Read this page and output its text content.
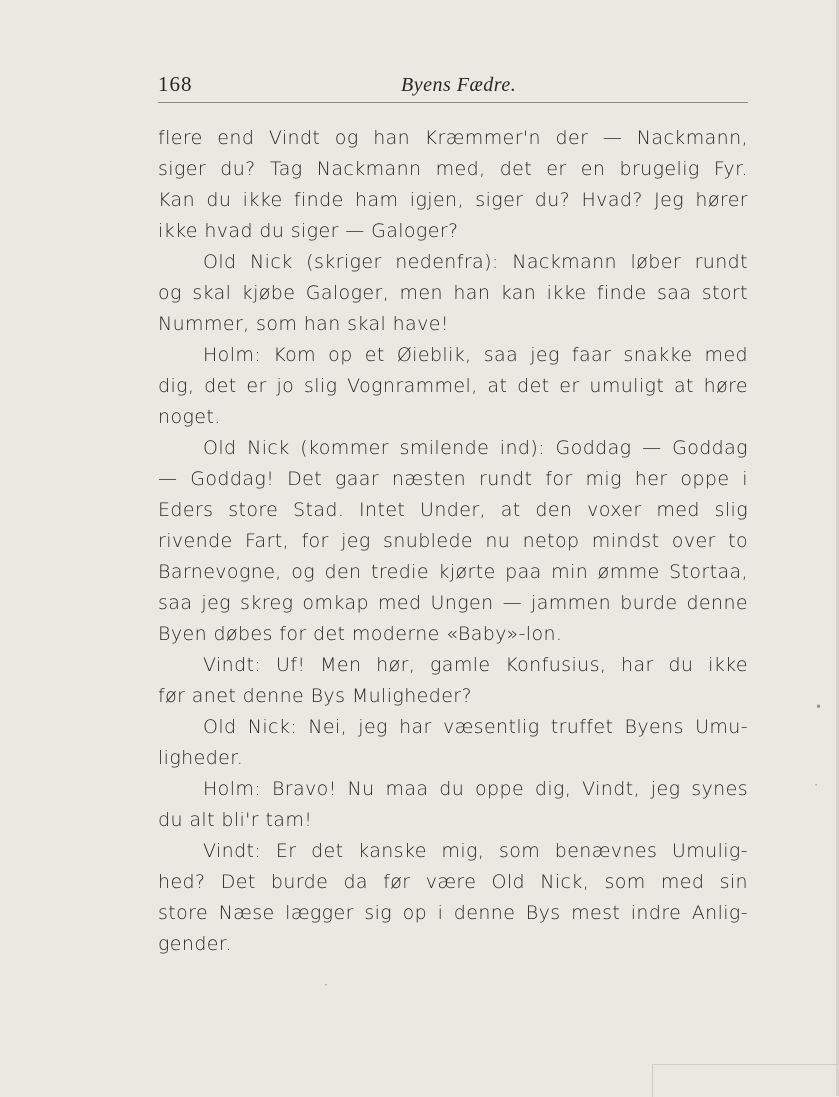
168	Byens Fædre.
flere end Vindt og han Kræmmer'n der — Nackmann,
siger du? Tag Nackmann med, det er en brugelig Fyr.
Kan du ikke finde ham igjen, siger du? Hvad? Jeg hører
ikke hvad du siger — Galoger?
Old Nick (skriger nedenfra): Nackmann løber rundt
og skal kjøbe Galoger, men han kan ikke finde saa stort
Nummer, som han skal have!
Holm: Kom op et Øieblik, saa jeg faar snakke med
dig, det er jo slig Vognrammel, at det er umuligt at høre
noget.
Old Nick (kommer smilende ind): Goddag — Goddag
— Goddag! Det gaar næsten rundt for mig her oppe i
Eders store Stad. Intet Under, at den voxer med slig
rivende Fart, for jeg snublede nu netop mindst over to
Barnevogne, og den tredie kjørte paa min ømme Stortaa,
saa jeg skreg omkap med Ungen — jammen burde denne
Byen døbes for det moderne «Baby»-lon.
Vindt: Uf! Men hør, gamle Konfusius, har du ikke
før anet denne Bys Muligheder?
Old Nick: Nei, jeg har væsentlig truffet Byens Umu-
ligheder.
Holm: Bravo! Nu maa du oppe dig, Vindt, jeg synes
du alt bli'r tam!
Vindt: Er det kanske mig, som benævnes Umulig-
hed? Det burde da før være Old Nick, som med sin
store Næse lægger sig op i denne Bys mest indre Anlig-
gender.
•
⋅
·
